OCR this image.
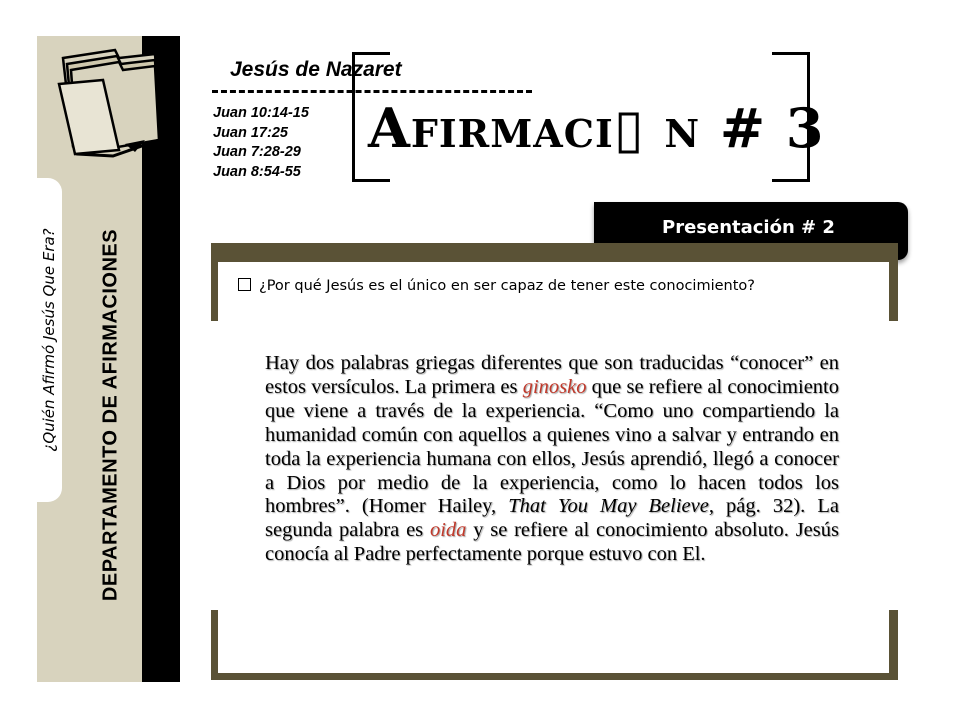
DEPARTAMENTO DE AFIRMACIONES
¿Quién Afirmó Jesús Que Era?
Jesús de Nazaret
Juan 10:14-15
Juan 17:25
Juan 7:28-29
Juan 8:54-55
Afirmaci▯ n # 3
Presentación # 2
¿Por qué Jesús es el único en ser capaz de tener este conocimiento?
Hay dos palabras griegas diferentes que son traducidas “conocer” en estos versículos. La primera es ginosko que se refiere al conocimiento que viene a través de la experiencia. “Como uno compartiendo la humanidad común con aquellos a quienes vino a salvar y entrando en toda la experiencia humana con ellos, Jesús aprendió, llegó a conocer a Dios por medio de la experiencia, como lo hacen todos los hombres”. (Homer Hailey, That You May Believe, pág. 32). La segunda palabra es oida y se refiere al conocimiento absoluto. Jesús conocía al Padre perfectamente porque estuvo con El.
